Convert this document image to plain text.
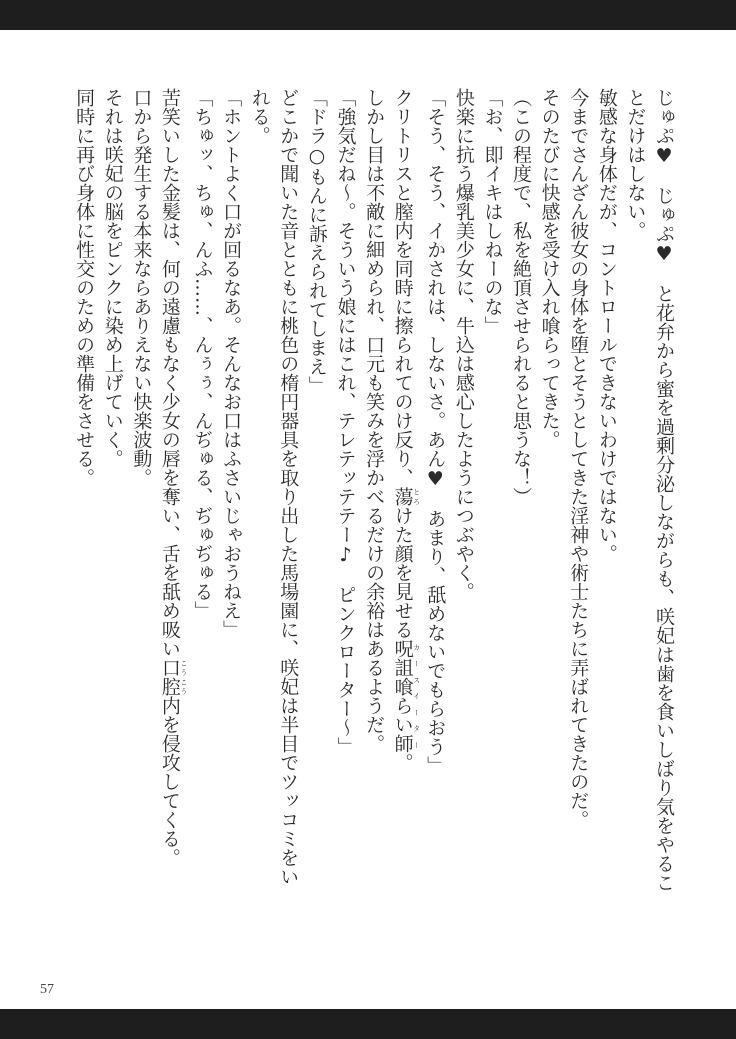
じゅぷ♥　じゅぷ♥　と花弁から蜜を過剰分泌しながらも、咲妃は歯を食いしばり気をやるこ
とだけはしない。
敏感な身体だが、コントロールできないわけではない。
今までさんざん彼女の身体を堕とそうとしてきた淫神や術士たちに弄ばれてきたのだ。
そのたびに快感を受け入れ喰らってきた。
（この程度で、私を絶頂させられると思うな！）
「お、即イキはしねーのな」
快楽に抗う爆乳美少女に、牛込は感心したようにつぶやく。
「そう、そう、イかされは、しないさ。あん♥　あまり、舐めないでもらおう」
クリトリスと膣内を同時に擦られてのけ反り、蕩 とろけた顔を見せる呪詛喰らい師 カースイーター。
しかし目は不敵に細められ、口元も笑みを浮かべるだけの余裕はあるようだ。
「強気だね～。そういう娘にはこれ、テレテッテテー♪　ピンクローター～」
「ドラ○もんに訴えられてしまえ」
どこかで聞いた音とともに桃色の楕円器具を取り出した馬場園に、咲妃は半目でツッコミをい
れる。
「ホントよく口が回るなあ。そんなお口はふさいじゃおうねえ」
「ちゅッ、ちゅ、んふ……、んぅぅ、んぢゅる、ぢゅぢゅる」
苦笑いした金髪は、何の遠慮もなく少女の唇を奪い、舌を舐め吸い口腔 こうこう内を侵攻してくる。
口から発生する本来ならありえない快楽波動。
それは咲妃の脳をピンクに染め上げていく。
同時に再び身体に性交のための準備をさせる。
57
